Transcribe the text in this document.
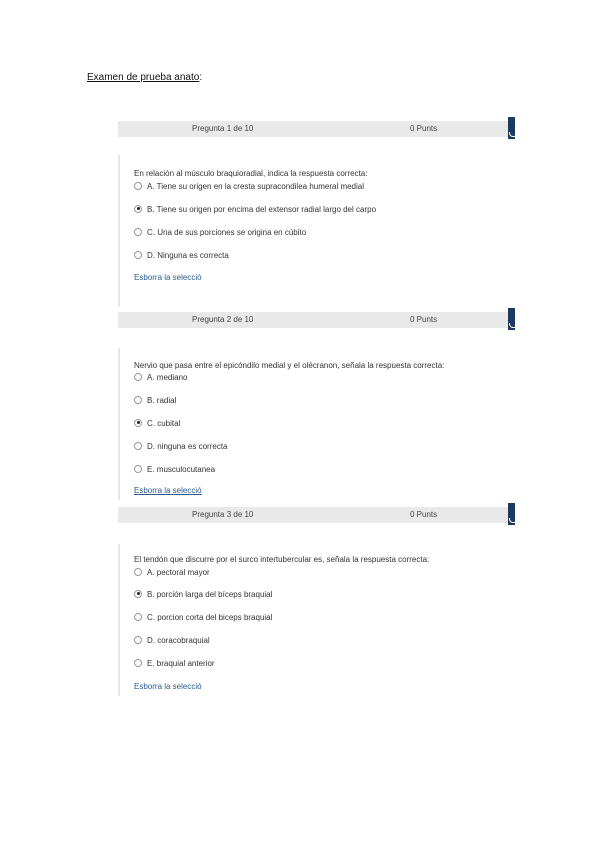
Examen de prueba anato:
Pregunta 1 de 10	0 Punts
En relación al músculo braquioradial, indica la respuesta correcta:
A. Tiene su origen en la cresta supracondilea humeral medial
B. Tiene su origen por encima del extensor radial largo del carpo
C. Una de sus porciones se origina en cúbito
D. Ninguna es correcta
Esborra la selecció
Pregunta 2 de 10	0 Punts
Nervio que pasa entre el epicóndilo medial y el olécranon, señala la respuesta correcta:
A. mediano
B. radial
C. cubital
D. ninguna es correcta
E. musculocutanea
Esborra la selecció
Pregunta 3 de 10	0 Punts
El tendón que discurre por el surco intertubercular es, señala la respuesta correcta:
A. pectoral mayor
B. porción larga del bíceps braquial
C. porcion corta del biceps braquial
D. coracobraquial
E. braquial anterior
Esborra la selecció
